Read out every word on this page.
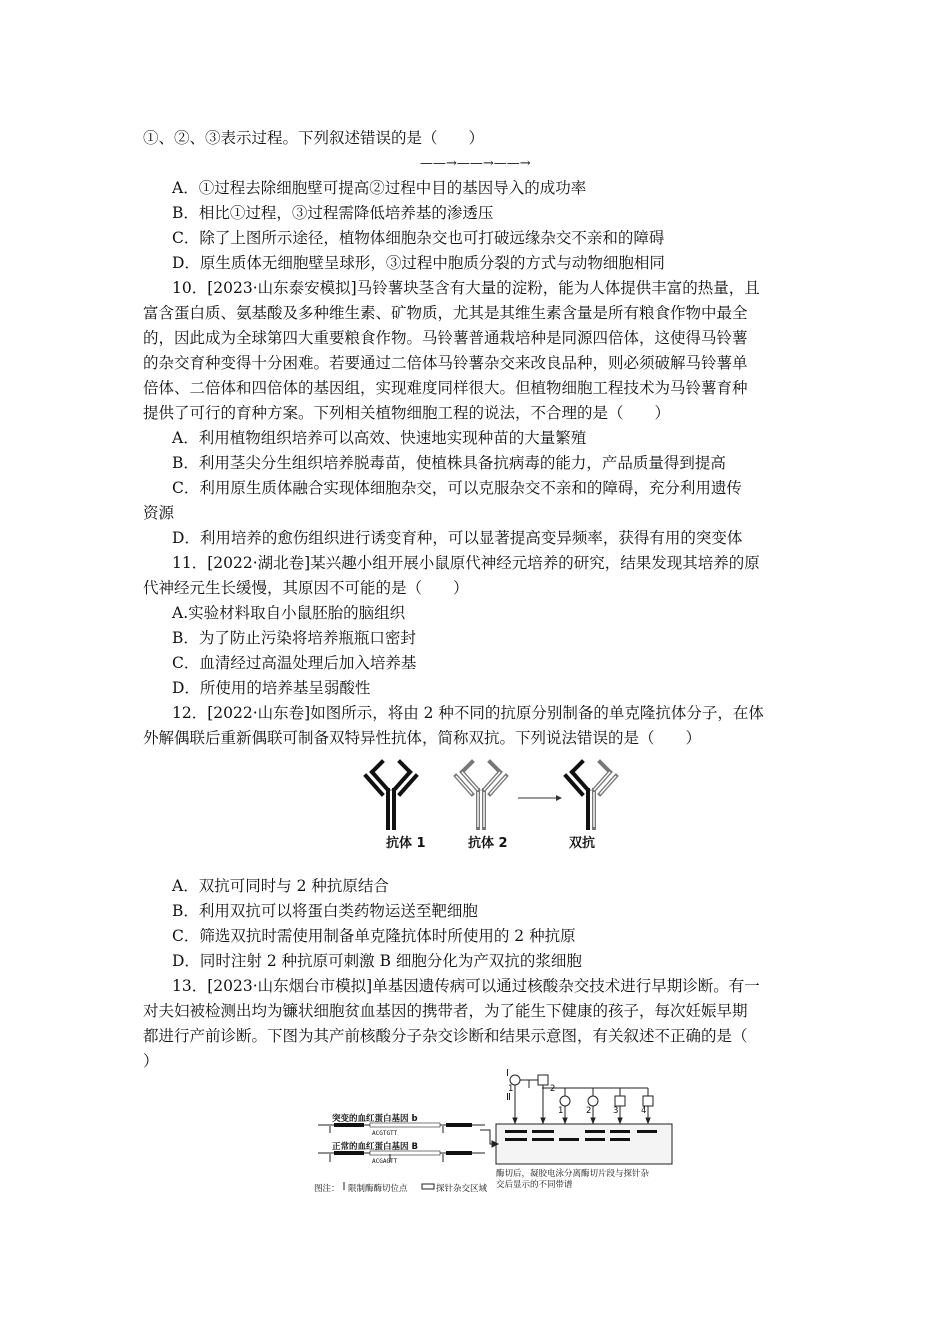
①、②、③表示过程。下列叙述错误的是（　　）
——→——→——→
A．①过程去除细胞壁可提高②过程中目的基因导入的成功率
B．相比①过程，③过程需降低培养基的渗透压
C．除了上图所示途径，植物体细胞杂交也可打破远缘杂交不亲和的障碍
D．原生质体无细胞壁呈球形，③过程中胞质分裂的方式与动物细胞相同
10．[2023·山东泰安模拟]马铃薯块茎含有大量的淀粉，能为人体提供丰富的热量，且
富含蛋白质、氨基酸及多种维生素、矿物质，尤其是其维生素含量是所有粮食作物中最全
的，因此成为全球第四大重要粮食作物。马铃薯普通栽培种是同源四倍体，这使得马铃薯
的杂交育种变得十分困难。若要通过二倍体马铃薯杂交来改良品种，则必须破解马铃薯单
倍体、二倍体和四倍体的基因组，实现难度同样很大。但植物细胞工程技术为马铃薯育种
提供了可行的育种方案。下列相关植物细胞工程的说法，不合理的是（　　）
A．利用植物组织培养可以高效、快速地实现种苗的大量繁殖
B．利用茎尖分生组织培养脱毒苗，使植株具备抗病毒的能力，产品质量得到提高
C．利用原生质体融合实现体细胞杂交，可以克服杂交不亲和的障碍，充分利用遗传
资源
D．利用培养的愈伤组织进行诱变育种，可以显著提高变异频率，获得有用的突变体
11．[2022·湖北卷]某兴趣小组开展小鼠原代神经元培养的研究，结果发现其培养的原
代神经元生长缓慢，其原因不可能的是（　　）
A.实验材料取自小鼠胚胎的脑组织
B．为了防止污染将培养瓶瓶口密封
C．血清经过高温处理后加入培养基
D．所使用的培养基呈弱酸性
12．[2022·山东卷]如图所示，将由 2 种不同的抗原分别制备的单克隆抗体分子，在体
外解偶联后重新偶联可制备双特异性抗体，简称双抗。下列说法错误的是（　　）
抗体 1	抗体 2	双抗
A．双抗可同时与 2 种抗原结合
B．利用双抗可以将蛋白类药物运送至靶细胞
C．筛选双抗时需使用制备单克隆抗体时所使用的 2 种抗原
D．同时注射 2 种抗原可刺激 B 细胞分化为产双抗的浆细胞
13．[2023·山东烟台市模拟]单基因遗传病可以通过核酸杂交技术进行早期诊断。有一
对夫妇被检测出均为镰状细胞贫血基因的携带者，为了能生下健康的孩子，每次妊娠早期
都进行产前诊断。下图为其产前核酸分子杂交诊断和结果示意图，有关叙述不正确的是（
）
Ⅰ
Ⅱ
1	2
1	2	3	4
突变的血红蛋白基因 b
ACGTGTT
正常的血红蛋白基因 B
ACGAGTT
图注： 限制酶酶切位点	探针杂交区域
酶切后，凝胶电泳分离酶切片段与探针杂
交后显示的不同带谱
